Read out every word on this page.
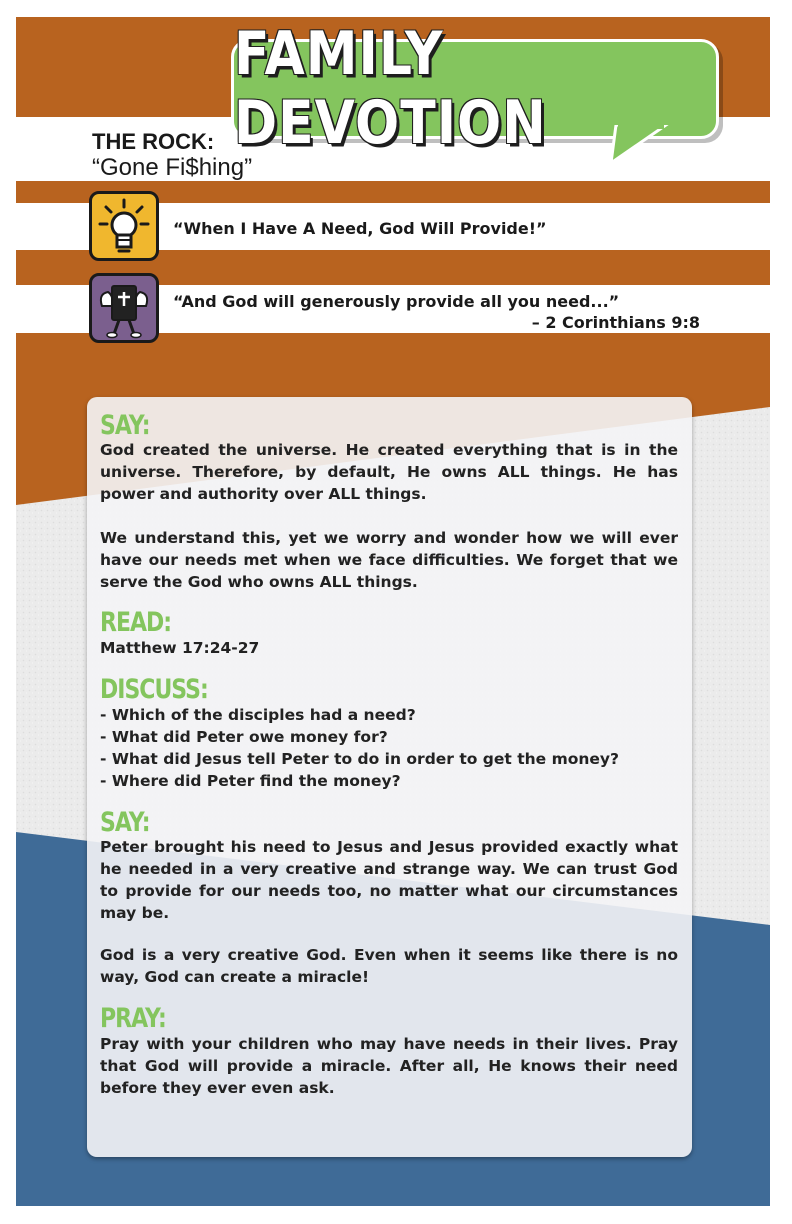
FAMILY DEVOTION
THE ROCK:
“Gone Fi$hing”
“When I Have A Need, God Will Provide!”
“And God will generously provide all you need...”
– 2 Corinthians 9:8
SAY:
God created the universe. He created everything that is in the universe. Therefore, by default, He owns ALL things. He has power and authority over ALL things.
We understand this, yet we worry and wonder how we will ever have our needs met when we face difficulties. We forget that we serve the God who owns ALL things.
READ:
Matthew 17:24-27
DISCUSS:
- Which of the disciples had a need?
- What did Peter owe money for?
- What did Jesus tell Peter to do in order to get the money?
- Where did Peter find the money?
SAY:
Peter brought his need to Jesus and Jesus provided exactly what he needed in a very creative and strange way. We can trust God to provide for our needs too, no matter what our circumstances may be.
God is a very creative God. Even when it seems like there is no way, God can create a miracle!
PRAY:
Pray with your children who may have needs in their lives. Pray that God will provide a miracle. After all, He knows their need before they ever even ask.
